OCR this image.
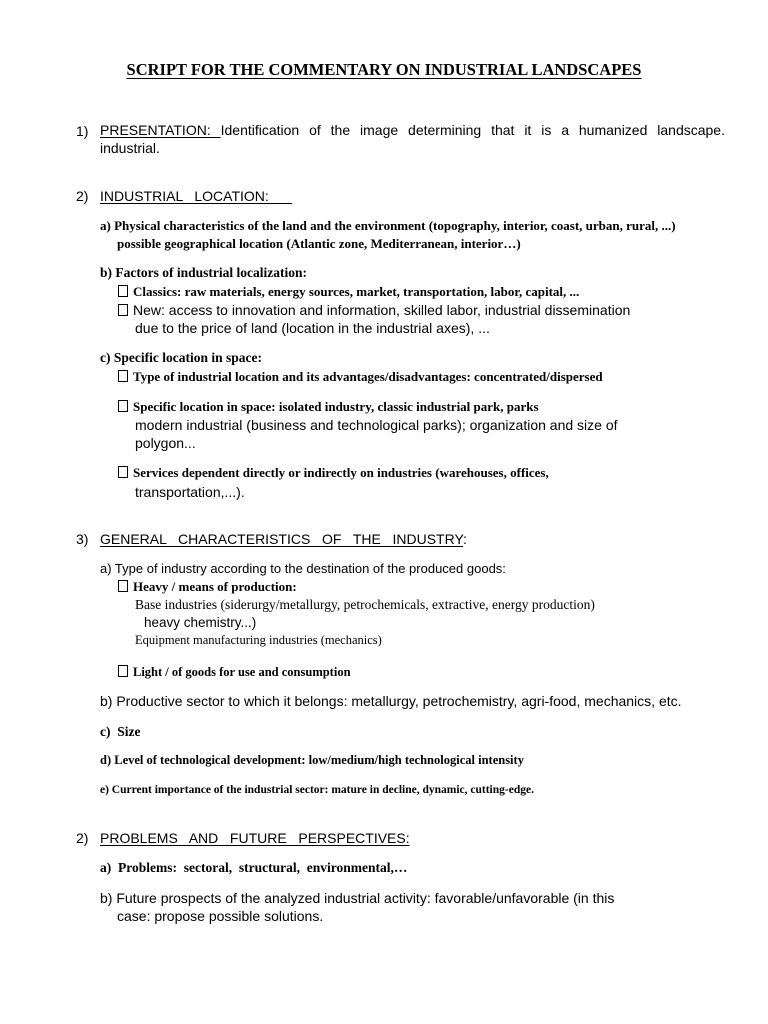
SCRIPT FOR THE COMMENTARY ON INDUSTRIAL LANDSCAPES
1) PRESENTATION: Identification of the image determining that it is a humanized landscape.
industrial.
2) INDUSTRIAL   LOCATION:
a) Physical characteristics of the land and the environment (topography, interior, coast, urban, rural, ...)
possible geographical location (Atlantic zone, Mediterranean, interior…)
b) Factors of industrial localization:
Classics: raw materials, energy sources, market, transportation, labor, capital, ...
New: access to innovation and information, skilled labor, industrial dissemination
due to the price of land (location in the industrial axes), ...
c) Specific location in space:
Type of industrial location and its advantages/disadvantages: concentrated/dispersed
Specific location in space: isolated industry, classic industrial park, parks
modern industrial (business and technological parks); organization and size of
polygon...
Services dependent directly or indirectly on industries (warehouses, offices,
transportation,...).
3) GENERAL   CHARACTERISTICS   OF   THE   INDUSTRY:
a) Type of industry according to the destination of the produced goods:
Heavy / means of production:
Base industries (siderurgy/metallurgy, petrochemicals, extractive, energy production)
heavy chemistry...)
Equipment manufacturing industries (mechanics)
Light / of goods for use and consumption
b) Productive sector to which it belongs: metallurgy, petrochemistry, agri-food, mechanics, etc.
c)  Size
d) Level of technological development: low/medium/high technological intensity
e) Current importance of the industrial sector: mature in decline, dynamic, cutting-edge.
2) PROBLEMS   AND   FUTURE   PERSPECTIVES:
a)  Problems:  sectoral,  structural,  environmental,…
b) Future prospects of the analyzed industrial activity: favorable/unfavorable (in this
case: propose possible solutions.
